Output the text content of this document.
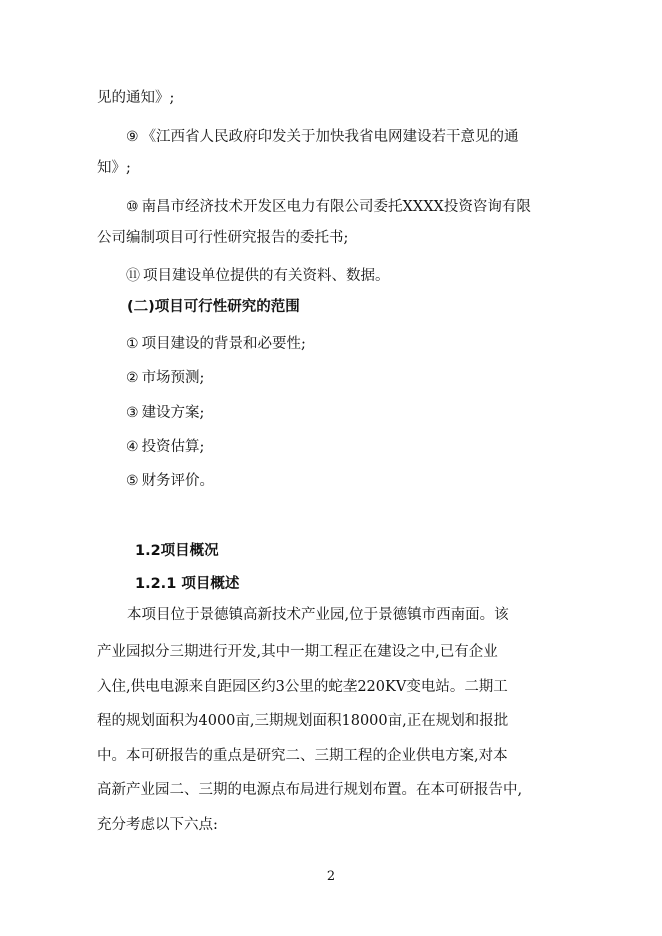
见的通知》;
⑨ 《江西省人民政府印发关于加快我省电网建设若干意见的通
知》;
⑩ 南昌市经济技术开发区电力有限公司委托XXXX投资咨询有限
公司编制项目可行性研究报告的委托书;
⑪ 项目建设单位提供的有关资料、数据。
(二)项目可行性研究的范围
① 项目建设的背景和必要性;
② 市场预测;
③ 建设方案;
④ 投资估算;
⑤ 财务评价。
1.2项目概况
1.2.1 项目概述
本项目位于景德镇高新技术产业园,位于景德镇市西南面。该
产业园拟分三期进行开发,其中一期工程正在建设之中,已有企业
入住,供电电源来自距园区约3公里的蛇垄220KV变电站。二期工
程的规划面积为4000亩,三期规划面积18000亩,正在规划和报批
中。本可研报告的重点是研究二、三期工程的企业供电方案,对本
高新产业园二、三期的电源点布局进行规划布置。在本可研报告中,
充分考虑以下六点:
2
